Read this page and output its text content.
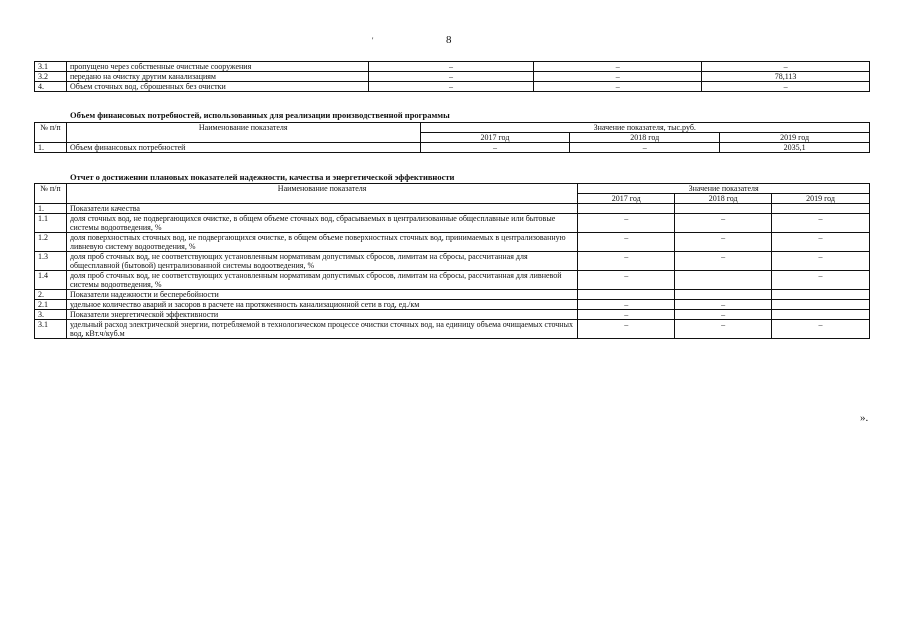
8
'
3.1	пропущено через собственные очистные сооружения	–	–	–
3.2	передано на очистку другим канализациям	–	–	78,113
4.	Объем сточных вод, сброшенных без очистки	–	–	–
Объем финансовых потребностей, использованных для реализации производственной программы
№ п/п	Наименование показателя	Значение показателя, тыс.руб.		
		2017 год	2018 год	2019 год
1.	Объем финансовых потребностей	–	–	2035,1
Отчет о достижении плановых показателей надежности, качества и энергетической эффективности
№ п/п	Наименование показателя	Значение показателя		
		2017 год	2018 год	2019 год
1.	Показатели качества			
1.1	доля сточных вод, не подвергающихся очистке, в общем объеме сточных вод, сбрасываемых в централизованные общесплавные или бытовые системы водоотведения, %	–	–	–
1.2	доля поверхностных сточных вод, не подвергающихся очистке, в общем объеме поверхностных сточных вод, принимаемых в централизованную ливневую систему водоотведения, %	–	–	–
1.3	доля проб сточных вод, не соответствующих установленным нормативам допустимых сбросов, лимитам на сбросы, рассчитанная для общесплавной (бытовой) централизованной системы водоотведения, %	–	–	–
1.4	доля проб сточных вод, не соответствующих установленным нормативам допустимых сбросов, лимитам на сбросы, рассчитанная для ливневой системы водоотведения, %	–		–
2.	Показатели надежности и бесперебойности			
2.1	удельное количество аварий и засоров в расчете на протяженность канализационной сети в год, ед./км	–	–	
3.	Показатели энергетической эффективности	–	–	
3.1	удельный расход электрической энергии, потребляемой в технологическом процессе очистки сточных вод, на единицу объема очищаемых сточных вод, кВт.ч/куб.м	–	–	–
».
